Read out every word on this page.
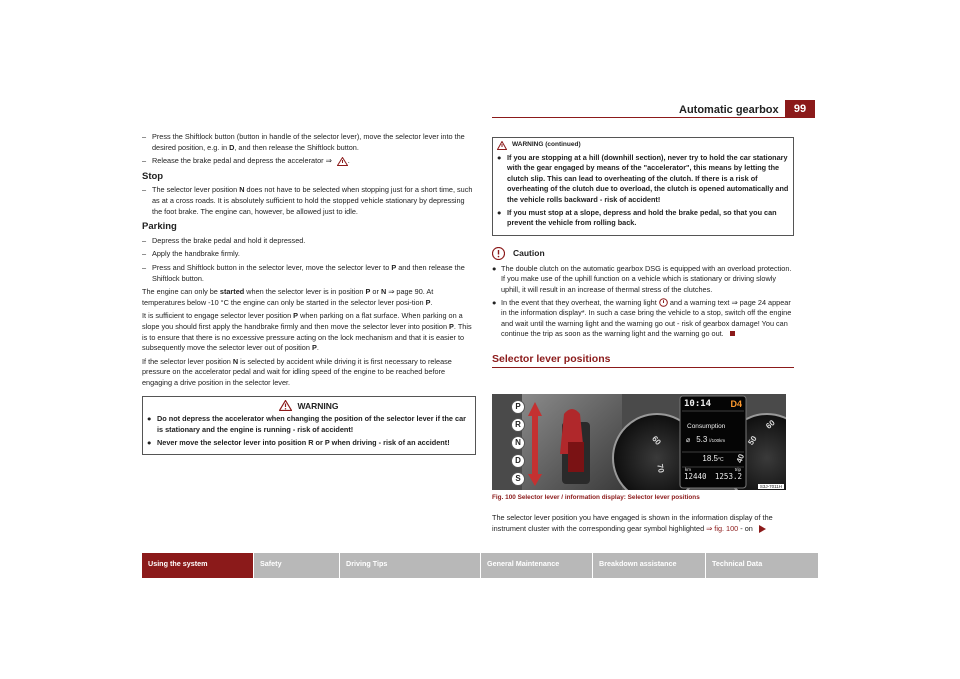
Automatic gearbox	99
– Press the Shiftlock button (button in handle of the selector lever), move the selector lever into the desired position, e.g. in D, and then release the Shiftlock button.
– Release the brake pedal and depress the accelerator ⇒ .
Stop
– The selector lever position N does not have to be selected when stopping just for a short time, such as at a cross roads. It is absolutely sufficient to hold the stopped vehicle stationary by depressing the foot brake. The engine can, however, be allowed just to idle.
Parking
– Depress the brake pedal and hold it depressed.
– Apply the handbrake firmly.
– Press and Shiftlock button in the selector lever, move the selector lever to P and then release the Shiftlock button.

The engine can only be started when the selector lever is in position P or N ⇒ page 90. At temperatures below -10 °C the engine can only be started in the selector lever posi-tion P.

It is sufficient to engage selector lever position P when parking on a flat surface. When parking on a slope you should first apply the handbrake firmly and then move the selector lever into position P. This is to ensure that there is no excessive pressure acting on the lock mechanism and that it is easier to subsequently move the selector lever out of position P.

If the selector lever position N is selected by accident while driving it is first necessary to release pressure on the accelerator pedal and wait for idling speed of the engine to be reached before engaging a drive position in the selector lever.

WARNING
● Do not depress the accelerator when changing the position of the selector lever if the car is stationary and the engine is running - risk of accident!
● Never move the selector lever into position R or P when driving - risk of an accident!
WARNING (continued)
● If you are stopping at a hill (downhill section), never try to hold the car stationary with the gear engaged by means of the "accelerator", this means by letting the clutch slip. This can lead to overheating of the clutch. If there is a risk of overheating of the clutch due to overload, the clutch is opened automatically and the vehicle rolls backward - risk of accident!
● If you must stop at a slope, depress and hold the brake pedal, so that you can prevent the vehicle from rolling back.
Caution
● The double clutch on the automatic gearbox DSG is equipped with an overload protection. If you make use of the uphill function on a vehicle which is stationary or driving slowly uphill, it will result in an increase of thermal stress of the clutches.
● In the event that they overheat, the warning light  and a warning text ⇒ page 24 appear in the information display*. In such a case bring the vehicle to a stop, switch off the engine and wait until the warning light and the warning go out - risk of gearbox damage! You can continue the trip as soon as the warning light and the warning go out.
Selector lever positions
P
R
N
D
S
60
70
40
50
60
10:14 D4
Consumption
⌀ 5.3 l/100km
18.5°C
km	trip
12440 1253.2
S3J-7011H
Fig. 100 Selector lever / information display: Selector lever positions
The selector lever position you have engaged is shown in the information display of the instrument cluster with the corresponding gear symbol highlighted ⇒ fig. 100 - on
Using the system	Safety	Driving Tips	General Maintenance	Breakdown assistance	Technical Data
